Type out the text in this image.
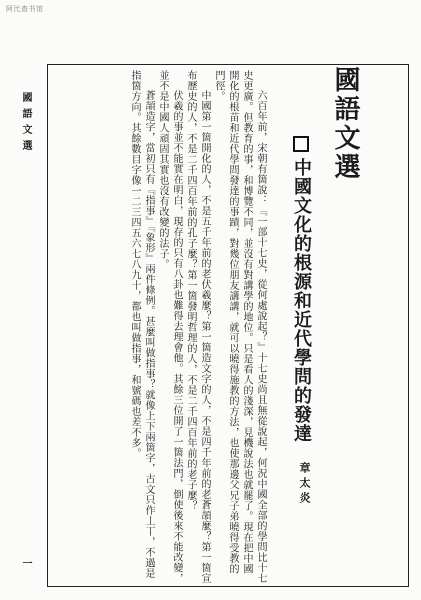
阿比查书馆
國語文選
一
國語文選
中國文化的根源和近代學問的發達
章太炎

六百年前，宋朝有箇說：『一部十七史，從何處說起？』十七史尚且無從說起，何況中國全部的學問比十七史更廣。但教育的事，和博覽不同，並沒有對講學的地位。只是看人的淺深，見機說法也就罷了。現在把中國開化的根苗和近代學問發達的事蹟，對幾位朋友講講，就可以曉得施教的方法，也使那邊父兄子弟曉得受教的門徑。

中國第一箇開化的人，不是五千年前的老伏羲麼？第一箇造文字的人，不是四千年前的老蒼頡麼？第一箇宣布歷史的人，不是二千四百年前的孔子麼？第一箇發明哲理的人，不是二千四百年前的老子麼？

伏羲的事並不能實在明白，現存的只有八卦也難得去理會他。其餘三位開了一箇法門，倒使後來不能改變，並不是中國人頑固其實也沒有改變的法子。

蒼頡造字，當初只有『指事』『象形』兩件條例。甚麼叫做指事？就像上下兩箇字，古文只作丄丅，不過是指箇方向。其餘數目字像一二三四五六七八九十，都也叫做指事，和號碼也差不多。
